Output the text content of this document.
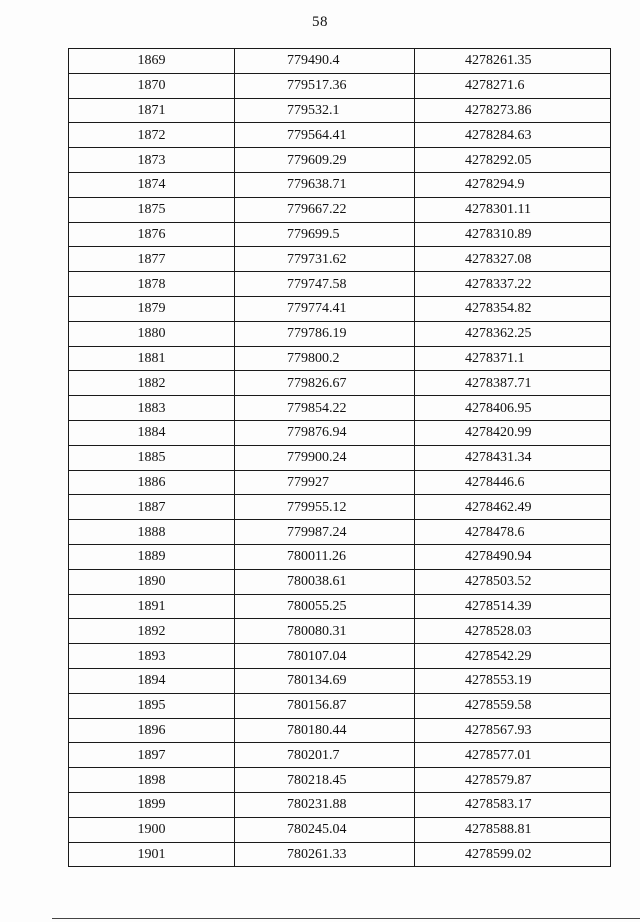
58
1869	779490.4	4278261.35
1870	779517.36	4278271.6
1871	779532.1	4278273.86
1872	779564.41	4278284.63
1873	779609.29	4278292.05
1874	779638.71	4278294.9
1875	779667.22	4278301.11
1876	779699.5	4278310.89
1877	779731.62	4278327.08
1878	779747.58	4278337.22
1879	779774.41	4278354.82
1880	779786.19	4278362.25
1881	779800.2	4278371.1
1882	779826.67	4278387.71
1883	779854.22	4278406.95
1884	779876.94	4278420.99
1885	779900.24	4278431.34
1886	779927	4278446.6
1887	779955.12	4278462.49
1888	779987.24	4278478.6
1889	780011.26	4278490.94
1890	780038.61	4278503.52
1891	780055.25	4278514.39
1892	780080.31	4278528.03
1893	780107.04	4278542.29
1894	780134.69	4278553.19
1895	780156.87	4278559.58
1896	780180.44	4278567.93
1897	780201.7	4278577.01
1898	780218.45	4278579.87
1899	780231.88	4278583.17
1900	780245.04	4278588.81
1901	780261.33	4278599.02
